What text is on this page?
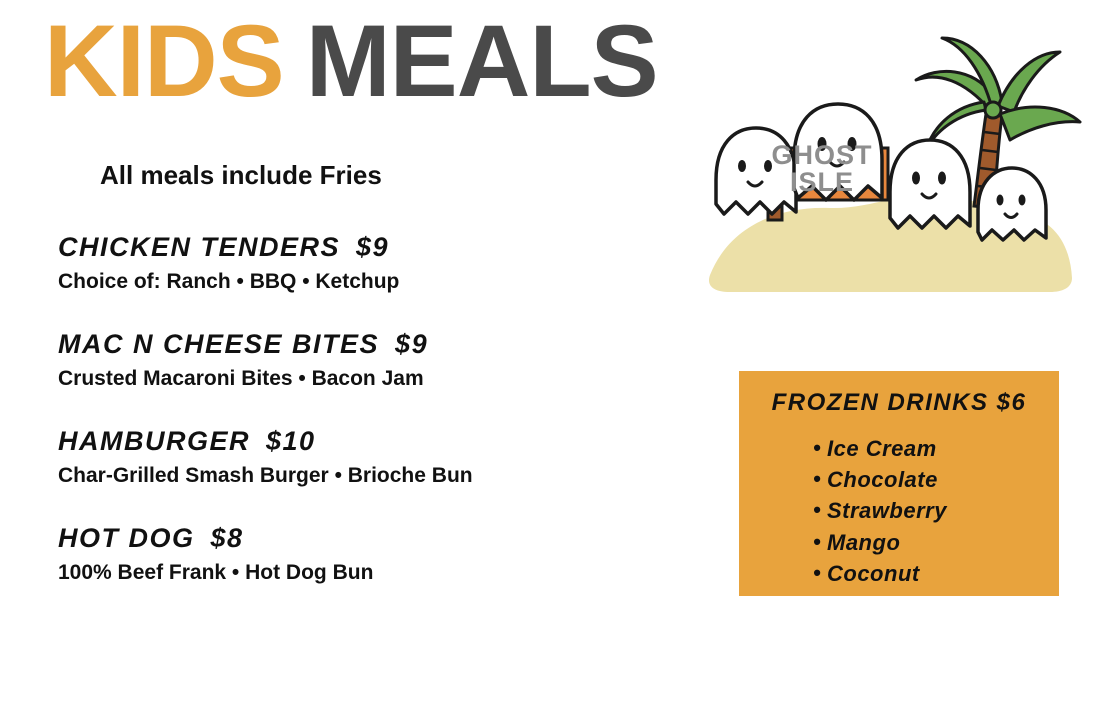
KIDS MEALS
All meals include Fries
GHOST
ISLE
CHICKEN TENDERS $9
Choice of: Ranch • BBQ • Ketchup
MAC N CHEESE BITES $9
Crusted Macaroni Bites • Bacon Jam
HAMBURGER $10
Char-Grilled Smash Burger • Brioche Bun
HOT DOG $8
100% Beef Frank • Hot Dog Bun
FROZEN DRINKS $6
• Ice Cream
• Chocolate
• Strawberry
• Mango
• Coconut
